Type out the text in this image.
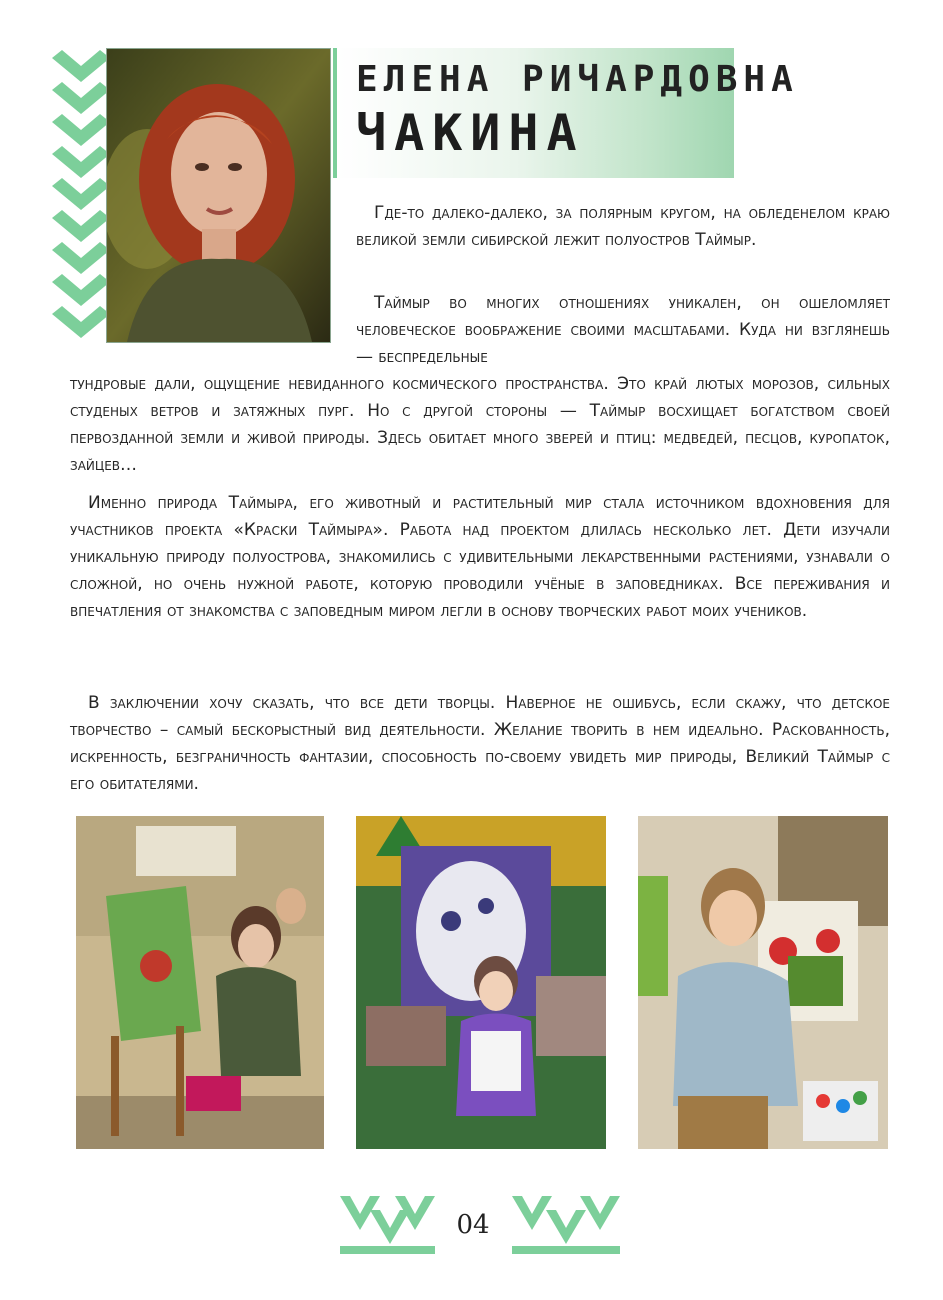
ЕЛЕНА РИЧАРДОВНА
ЧАКИНА

Где-то далеко-далеко, за полярным кругом, на обледенелом краю великой земли сибирской лежит полуостров Таймыр.

Таймыр во многих отношениях уникален, он ошеломляет человеческое воображение своими масштабами. Куда ни взглянешь — беспредельные

тундровые дали, ощущение невиданного космического пространства. Это край лютых морозов, сильных студеных ветров и затяжных пург. Но с другой стороны — Таймыр восхищает богатством своей первозданной земли и живой природы. Здесь обитает много зверей и птиц: медведей, песцов, куропаток, зайцев…

Именно природа Таймыра, его животный и растительный мир стала источником вдохновения для участников проекта «Краски Таймыра». Работа над проектом длилась несколько лет. Дети изучали уникальную природу полуострова, знакомились с удивительными лекарственными растениями, узнавали о сложной, но очень нужной работе, которую проводили учёные в заповедниках. Все переживания и впечатления от знакомства с заповедным миром легли в основу творческих работ моих учеников.

В заключении хочу сказать, что все дети творцы. Наверное не ошибусь, если скажу, что детское творчество – самый бескорыстный вид деятельности. Желание творить в нем идеально. Раскованность, искренность, безграничность фантазии, способность по-своему увидеть мир природы, Великий Таймыр с его обитателями.

04
